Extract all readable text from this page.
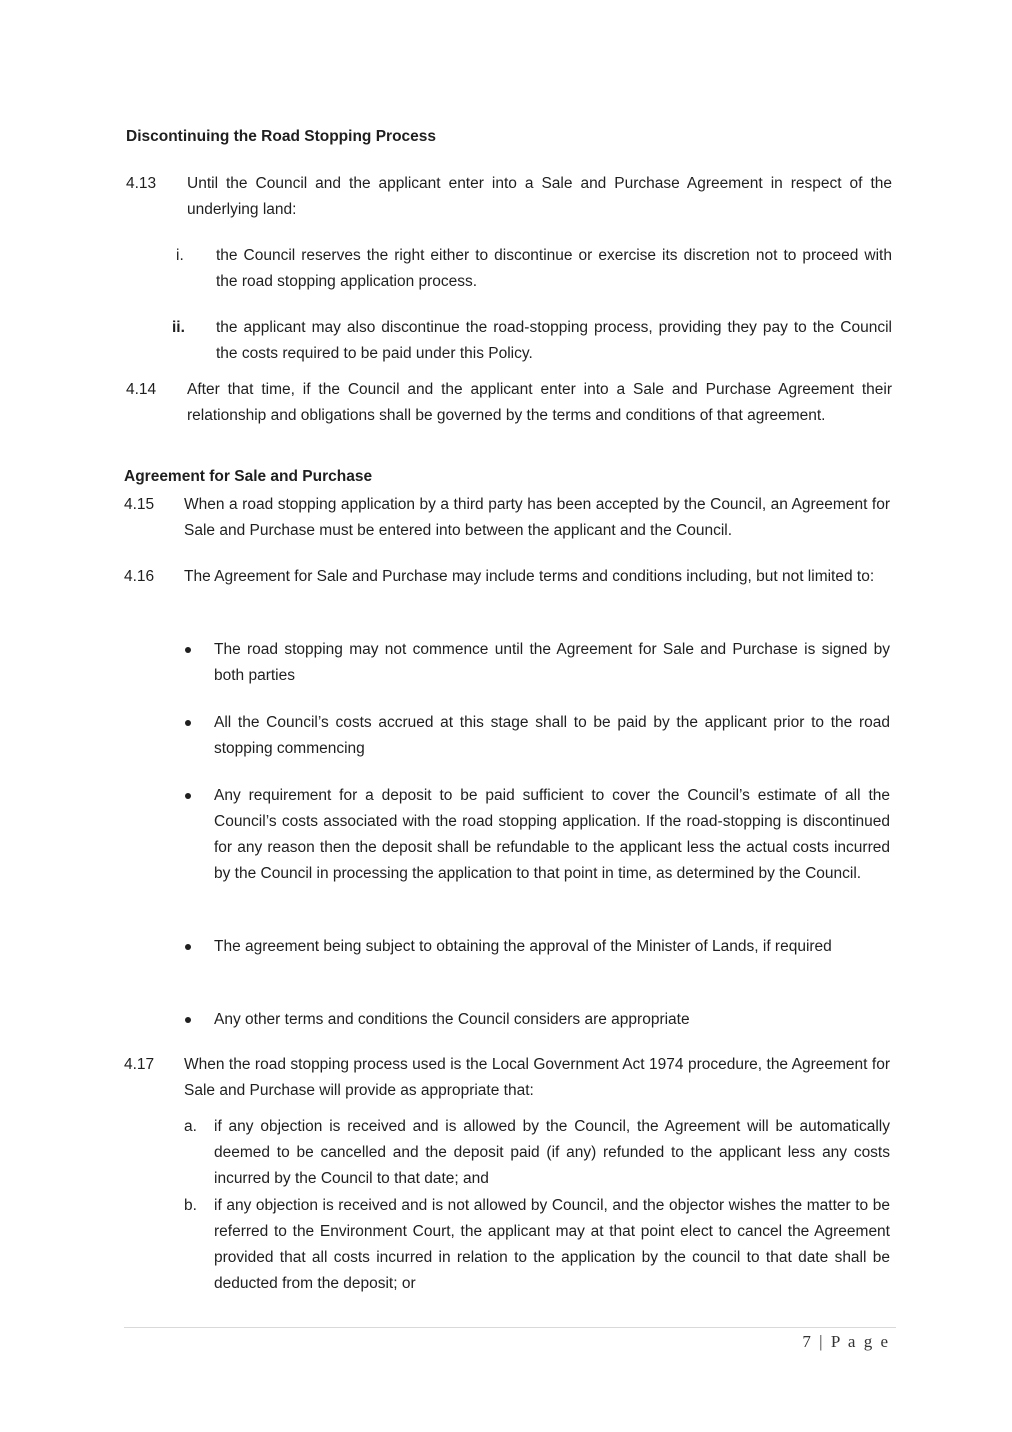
Discontinuing the Road Stopping Process
4.13 Until the Council and the applicant enter into a Sale and Purchase Agreement in respect of the underlying land:
i. the Council reserves the right either to discontinue or exercise its discretion not to proceed with the road stopping application process.
ii. the applicant may also discontinue the road-stopping process, providing they pay to the Council the costs required to be paid under this Policy.
4.14 After that time, if the Council and the applicant enter into a Sale and Purchase Agreement their relationship and obligations shall be governed by the terms and conditions of that agreement.
Agreement for Sale and Purchase
4.15 When a road stopping application by a third party has been accepted by the Council, an Agreement for Sale and Purchase must be entered into between the applicant and the Council.
4.16 The Agreement for Sale and Purchase may include terms and conditions including, but not limited to:
The road stopping may not commence until the Agreement for Sale and Purchase is signed by both parties
All the Council’s costs accrued at this stage shall to be paid by the applicant prior to the road stopping commencing
Any requirement for a deposit to be paid sufficient to cover the Council’s estimate of all the Council’s costs associated with the road stopping application. If the road-stopping is discontinued for any reason then the deposit shall be refundable to the applicant less the actual costs incurred by the Council in processing the application to that point in time, as determined by the Council.
The agreement being subject to obtaining the approval of the Minister of Lands, if required
Any other terms and conditions the Council considers are appropriate
4.17 When the road stopping process used is the Local Government Act 1974 procedure, the Agreement for Sale and Purchase will provide as appropriate that:
a. if any objection is received and is allowed by the Council, the Agreement will be automatically deemed to be cancelled and the deposit paid (if any) refunded to the applicant less any costs incurred by the Council to that date; and
b. if any objection is received and is not allowed by Council, and the objector wishes the matter to be referred to the Environment Court, the applicant may at that point elect to cancel the Agreement provided that all costs incurred in relation to the application by the council to that date shall be deducted from the deposit; or
7 | P a g e
